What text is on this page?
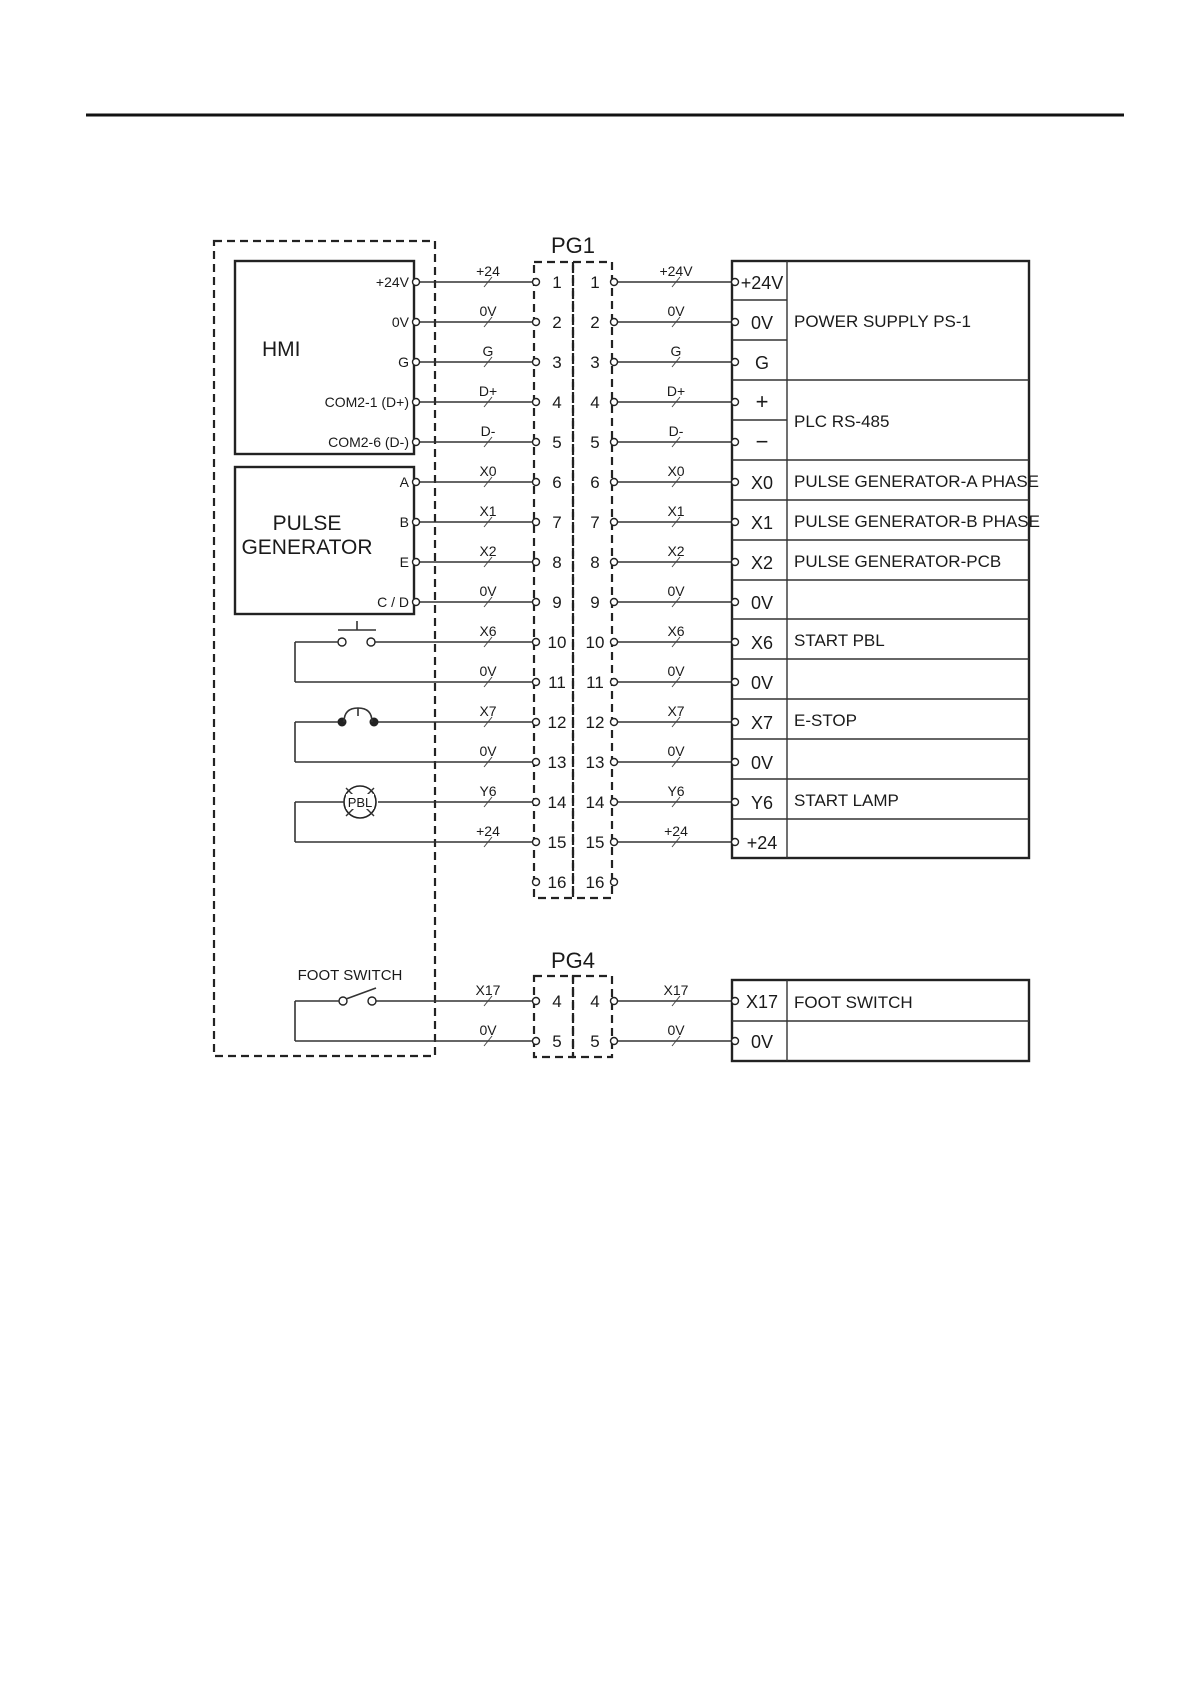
HMI
PULSE
GENERATOR
PG1
PG4
POWER SUPPLY PS-1
PLC RS-485
PULSE GENERATOR-A PHASE
PULSE GENERATOR-B PHASE
PULSE GENERATOR-PCB
START PBL
E-STOP
START LAMP
FOOT SWITCH
PBL
FOOT SWITCH
+24
1 1
+24V
+24V
0V
2 2
0V
0V
G
3 3
G
G
D+
4 4
D+	+
D-
5 5
D-	−
X0
6 6
X0
X0
X1
7 7
X1
X1
X2
8 8
X2
X2
0V
9 9
0V
0V
X6
10 10
X6
X6
0V
11 11
0V
0V
X7
12 12
X7
X7
0V
13 13
0V
0V
Y6
14 14
Y6
Y6
+24
15 15
+24
+24
16 16
+24V
0V
G
COM2-1 (D+)
COM2-6 (D-)
A
B
E
C / D
X17
4 4
X17
X17
0V
5 5
0V
0V
